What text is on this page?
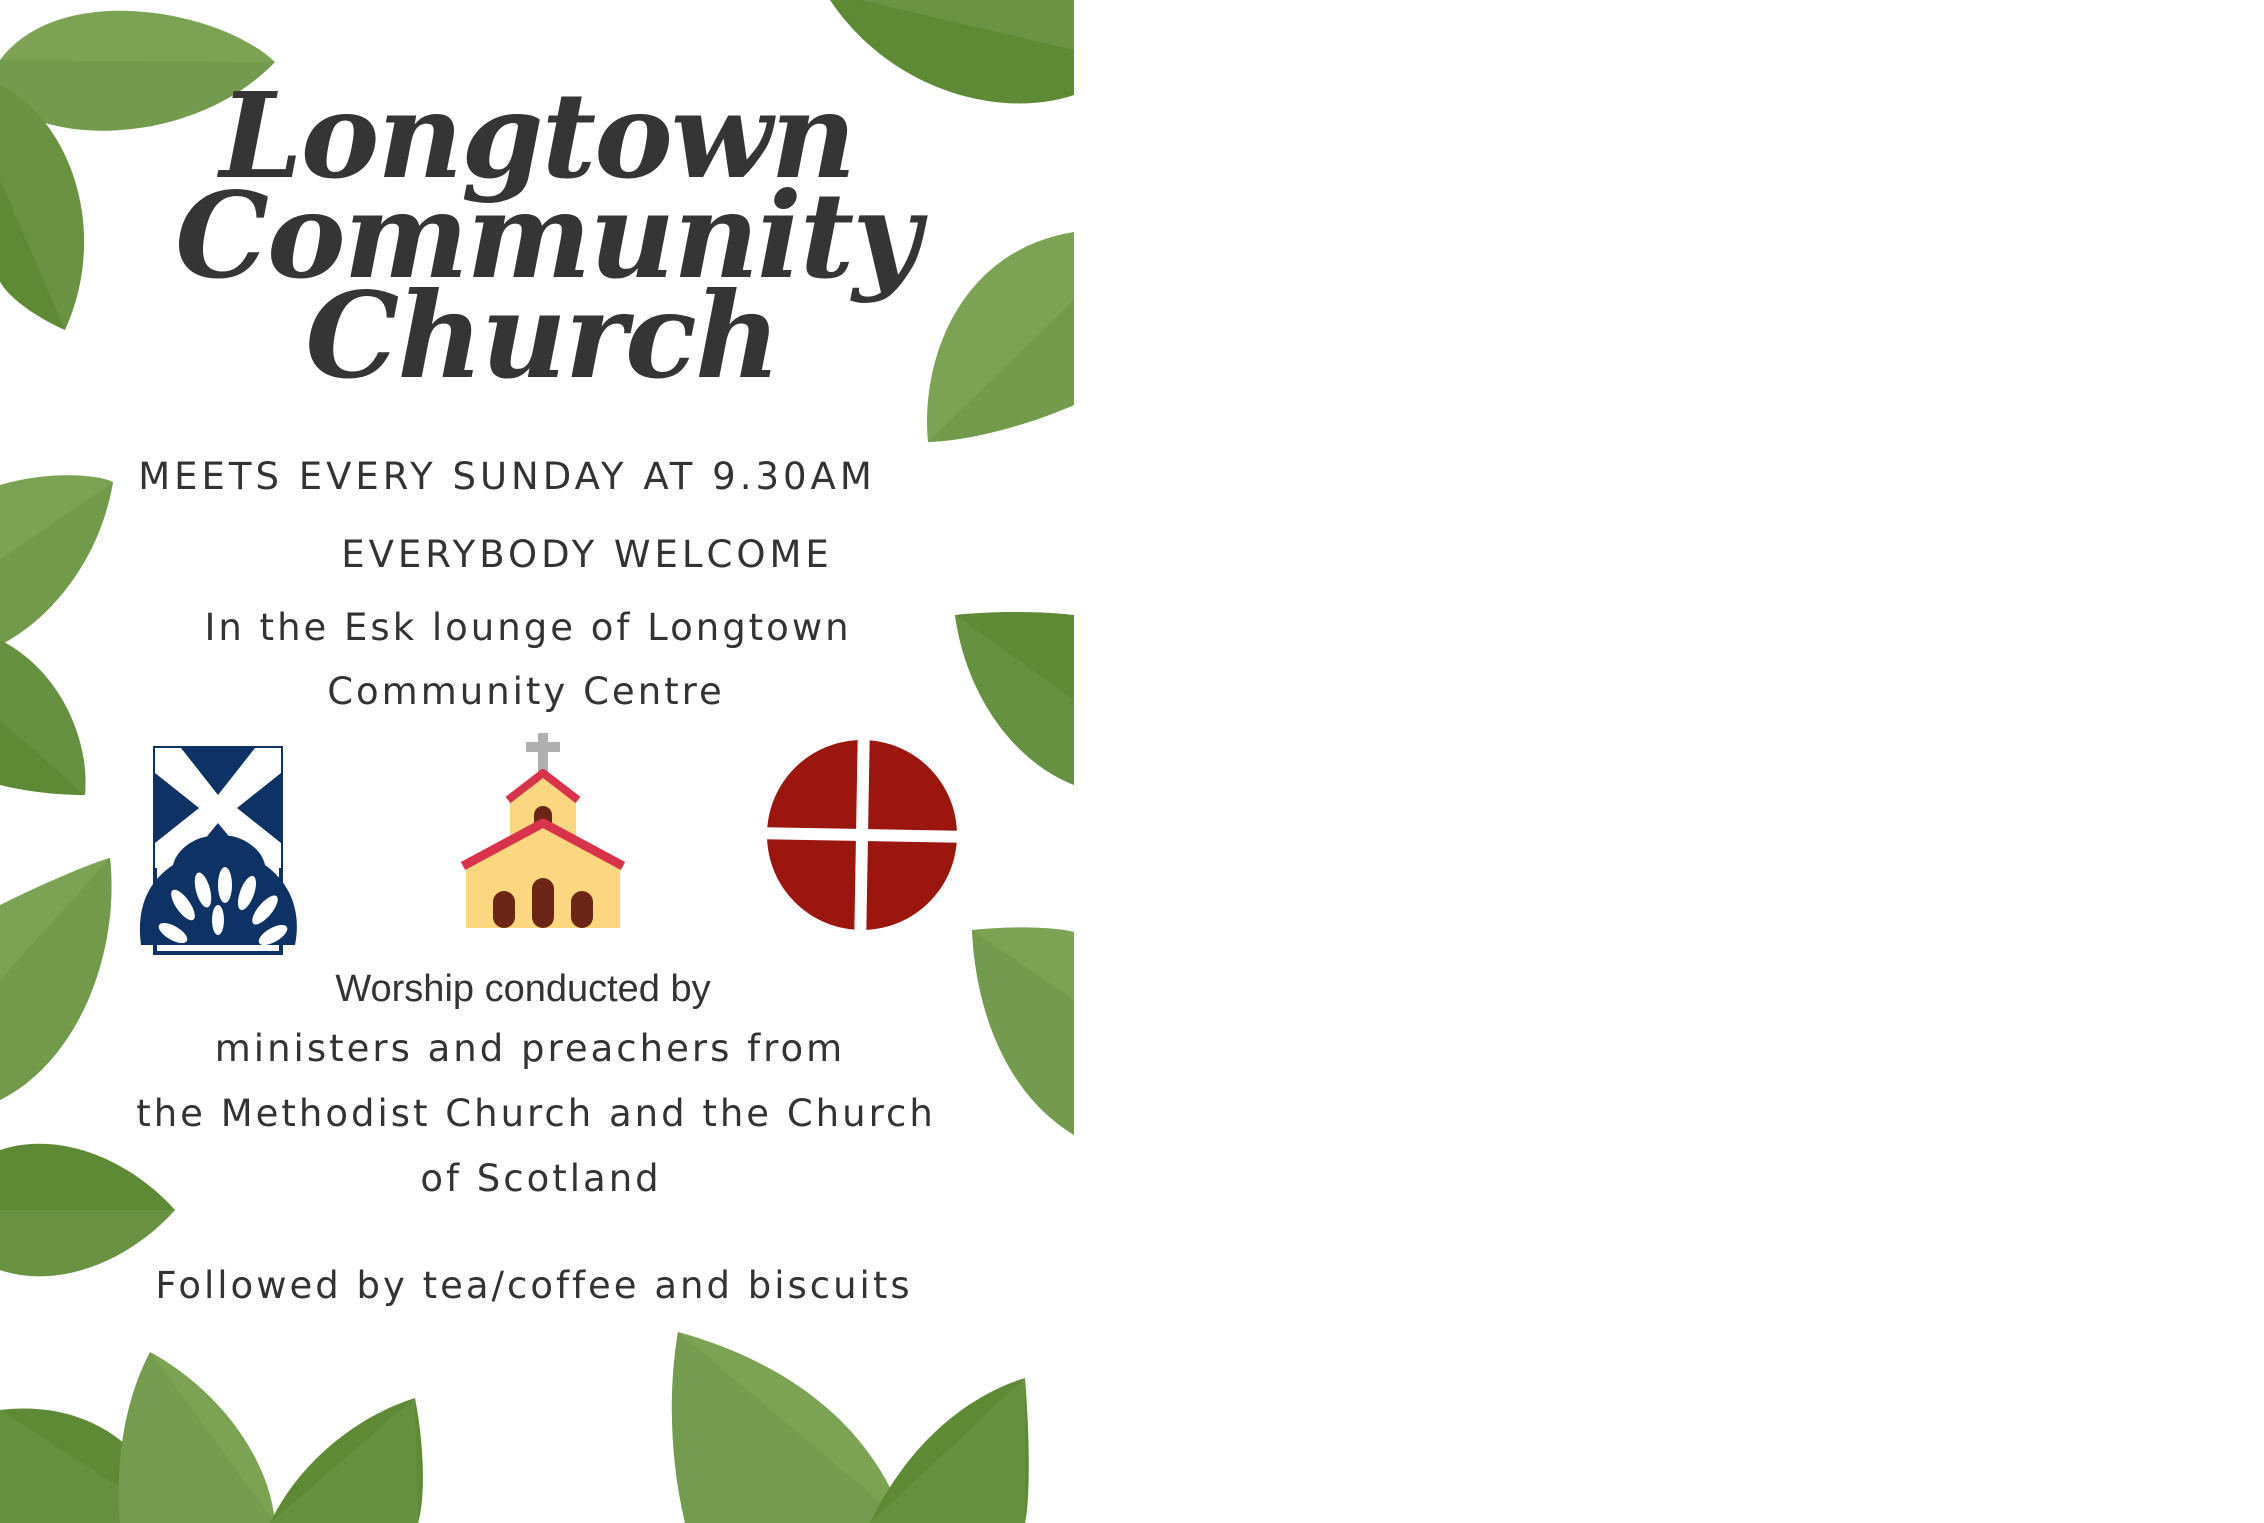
Longtown
Community
Church
MEETS EVERY SUNDAY AT 9.30AM
EVERYBODY WELCOME
In the Esk lounge of Longtown
Community Centre
Worship conducted by
ministers and preachers from
the Methodist Church and the Church
of Scotland
Followed by tea/coffee and biscuits
